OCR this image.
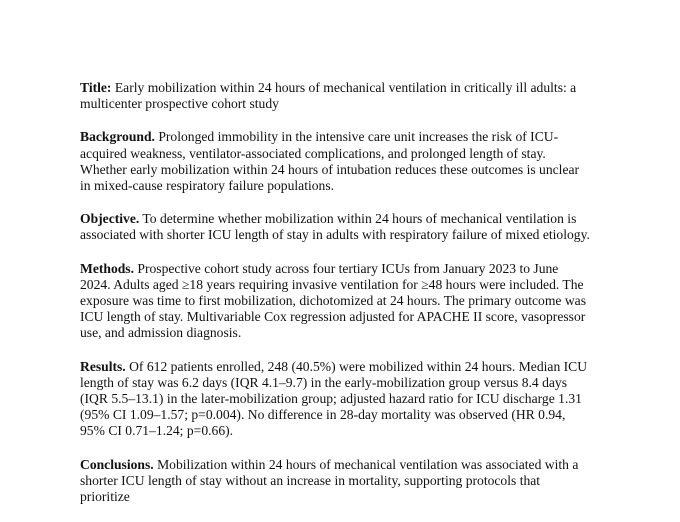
Title: Early mobilization within 24 hours of mechanical ventilation in critically ill adults: a multicenter prospective cohort study

Background. Prolonged immobility in the intensive care unit increases the risk of ICU-acquired weakness, ventilator-associated complications, and prolonged length of stay. Whether early mobilization within 24 hours of intubation reduces these outcomes is unclear in mixed-cause respiratory failure populations.

Objective. To determine whether mobilization within 24 hours of mechanical ventilation is associated with shorter ICU length of stay in adults with respiratory failure of mixed etiology.

Methods. Prospective cohort study across four tertiary ICUs from January 2023 to June 2024. Adults aged ≥18 years requiring invasive ventilation for ≥48 hours were included. The exposure was time to first mobilization, dichotomized at 24 hours. The primary outcome was ICU length of stay. Multivariable Cox regression adjusted for APACHE II score, vasopressor use, and admission diagnosis.

Results. Of 612 patients enrolled, 248 (40.5%) were mobilized within 24 hours. Median ICU length of stay was 6.2 days (IQR 4.1–9.7) in the early-mobilization group versus 8.4 days (IQR 5.5–13.1) in the later-mobilization group; adjusted hazard ratio for ICU discharge 1.31 (95% CI 1.09–1.57; p=0.004). No difference in 28-day mortality was observed (HR 0.94, 95% CI 0.71–1.24; p=0.66).

Conclusions. Mobilization within 24 hours of mechanical ventilation was associated with a shorter ICU length of stay without an increase in mortality, supporting protocols that prioritize
